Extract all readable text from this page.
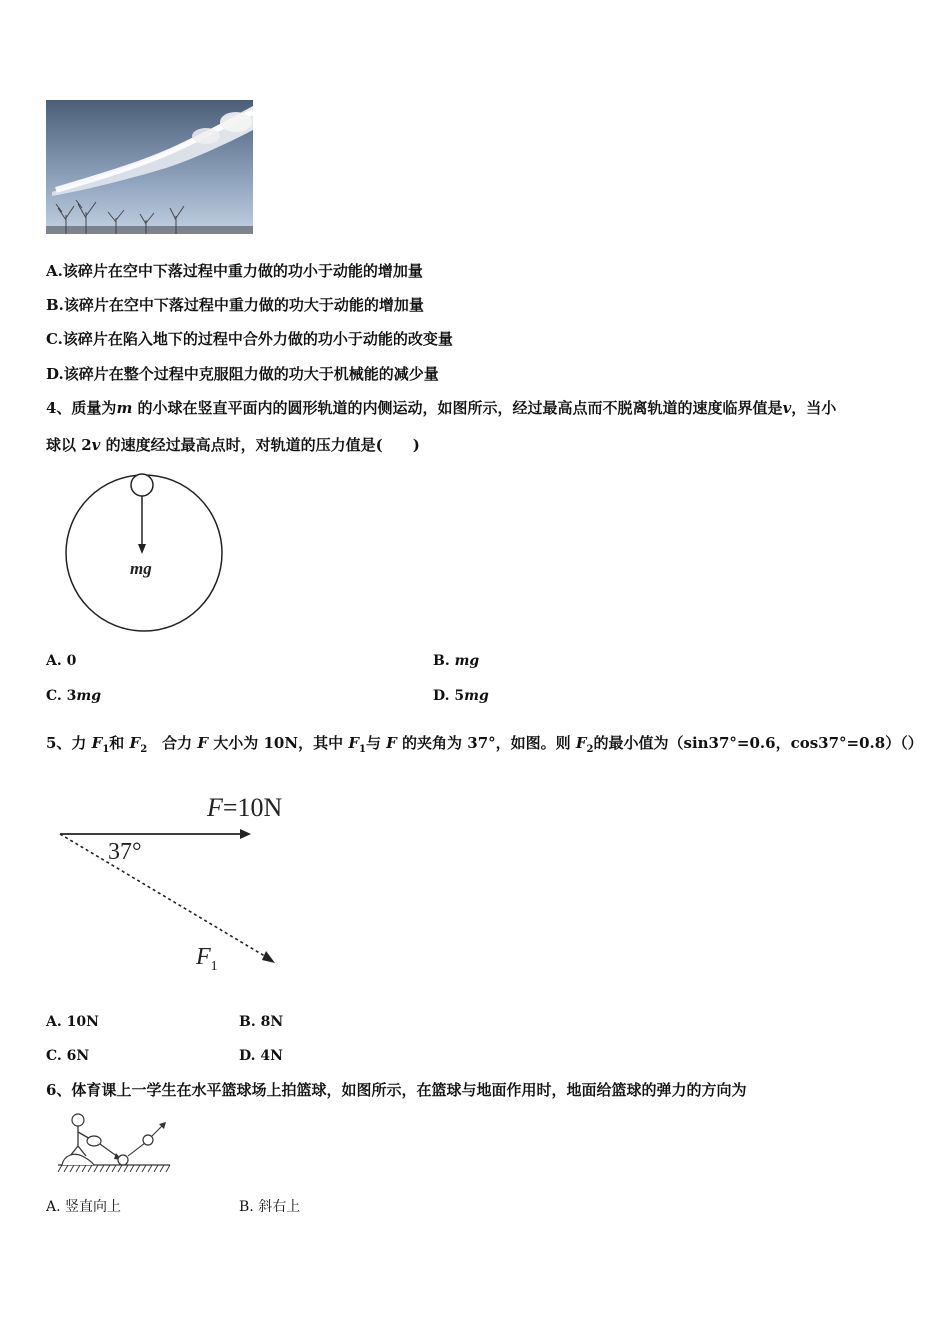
A.该碎片在空中下落过程中重力做的功小于动能的增加量
B.该碎片在空中下落过程中重力做的功大于动能的增加量
C.该碎片在陷入地下的过程中合外力做的功小于动能的改变量
D.该碎片在整个过程中克服阻力做的功大于机械能的减少量
4、质量为m 的小球在竖直平面内的圆形轨道的内侧运动，如图所示，经过最高点而不脱离轨道的速度临界值是v，当小
球以 2v 的速度经过最高点时，对轨道的压力值是(　　)
mg
A. 0	B. mg
C. 3mg	D. 5mg
5、力 $F_1$和 $F_2$　合力 F 大小为 10N，其中 $F_1$与 F 的夹角为 37°，如图。则 $F_2$的最小值为（sin37°=0.6，cos37°=0.8）（）
F=10N
37°
$F_1$
A. 10N	B. 8N
C. 6N	D. 4N
6、体育课上一学生在水平篮球场上拍篮球，如图所示，在篮球与地面作用时，地面给篮球的弹力的方向为
A. 竖直向上	B. 斜右上
